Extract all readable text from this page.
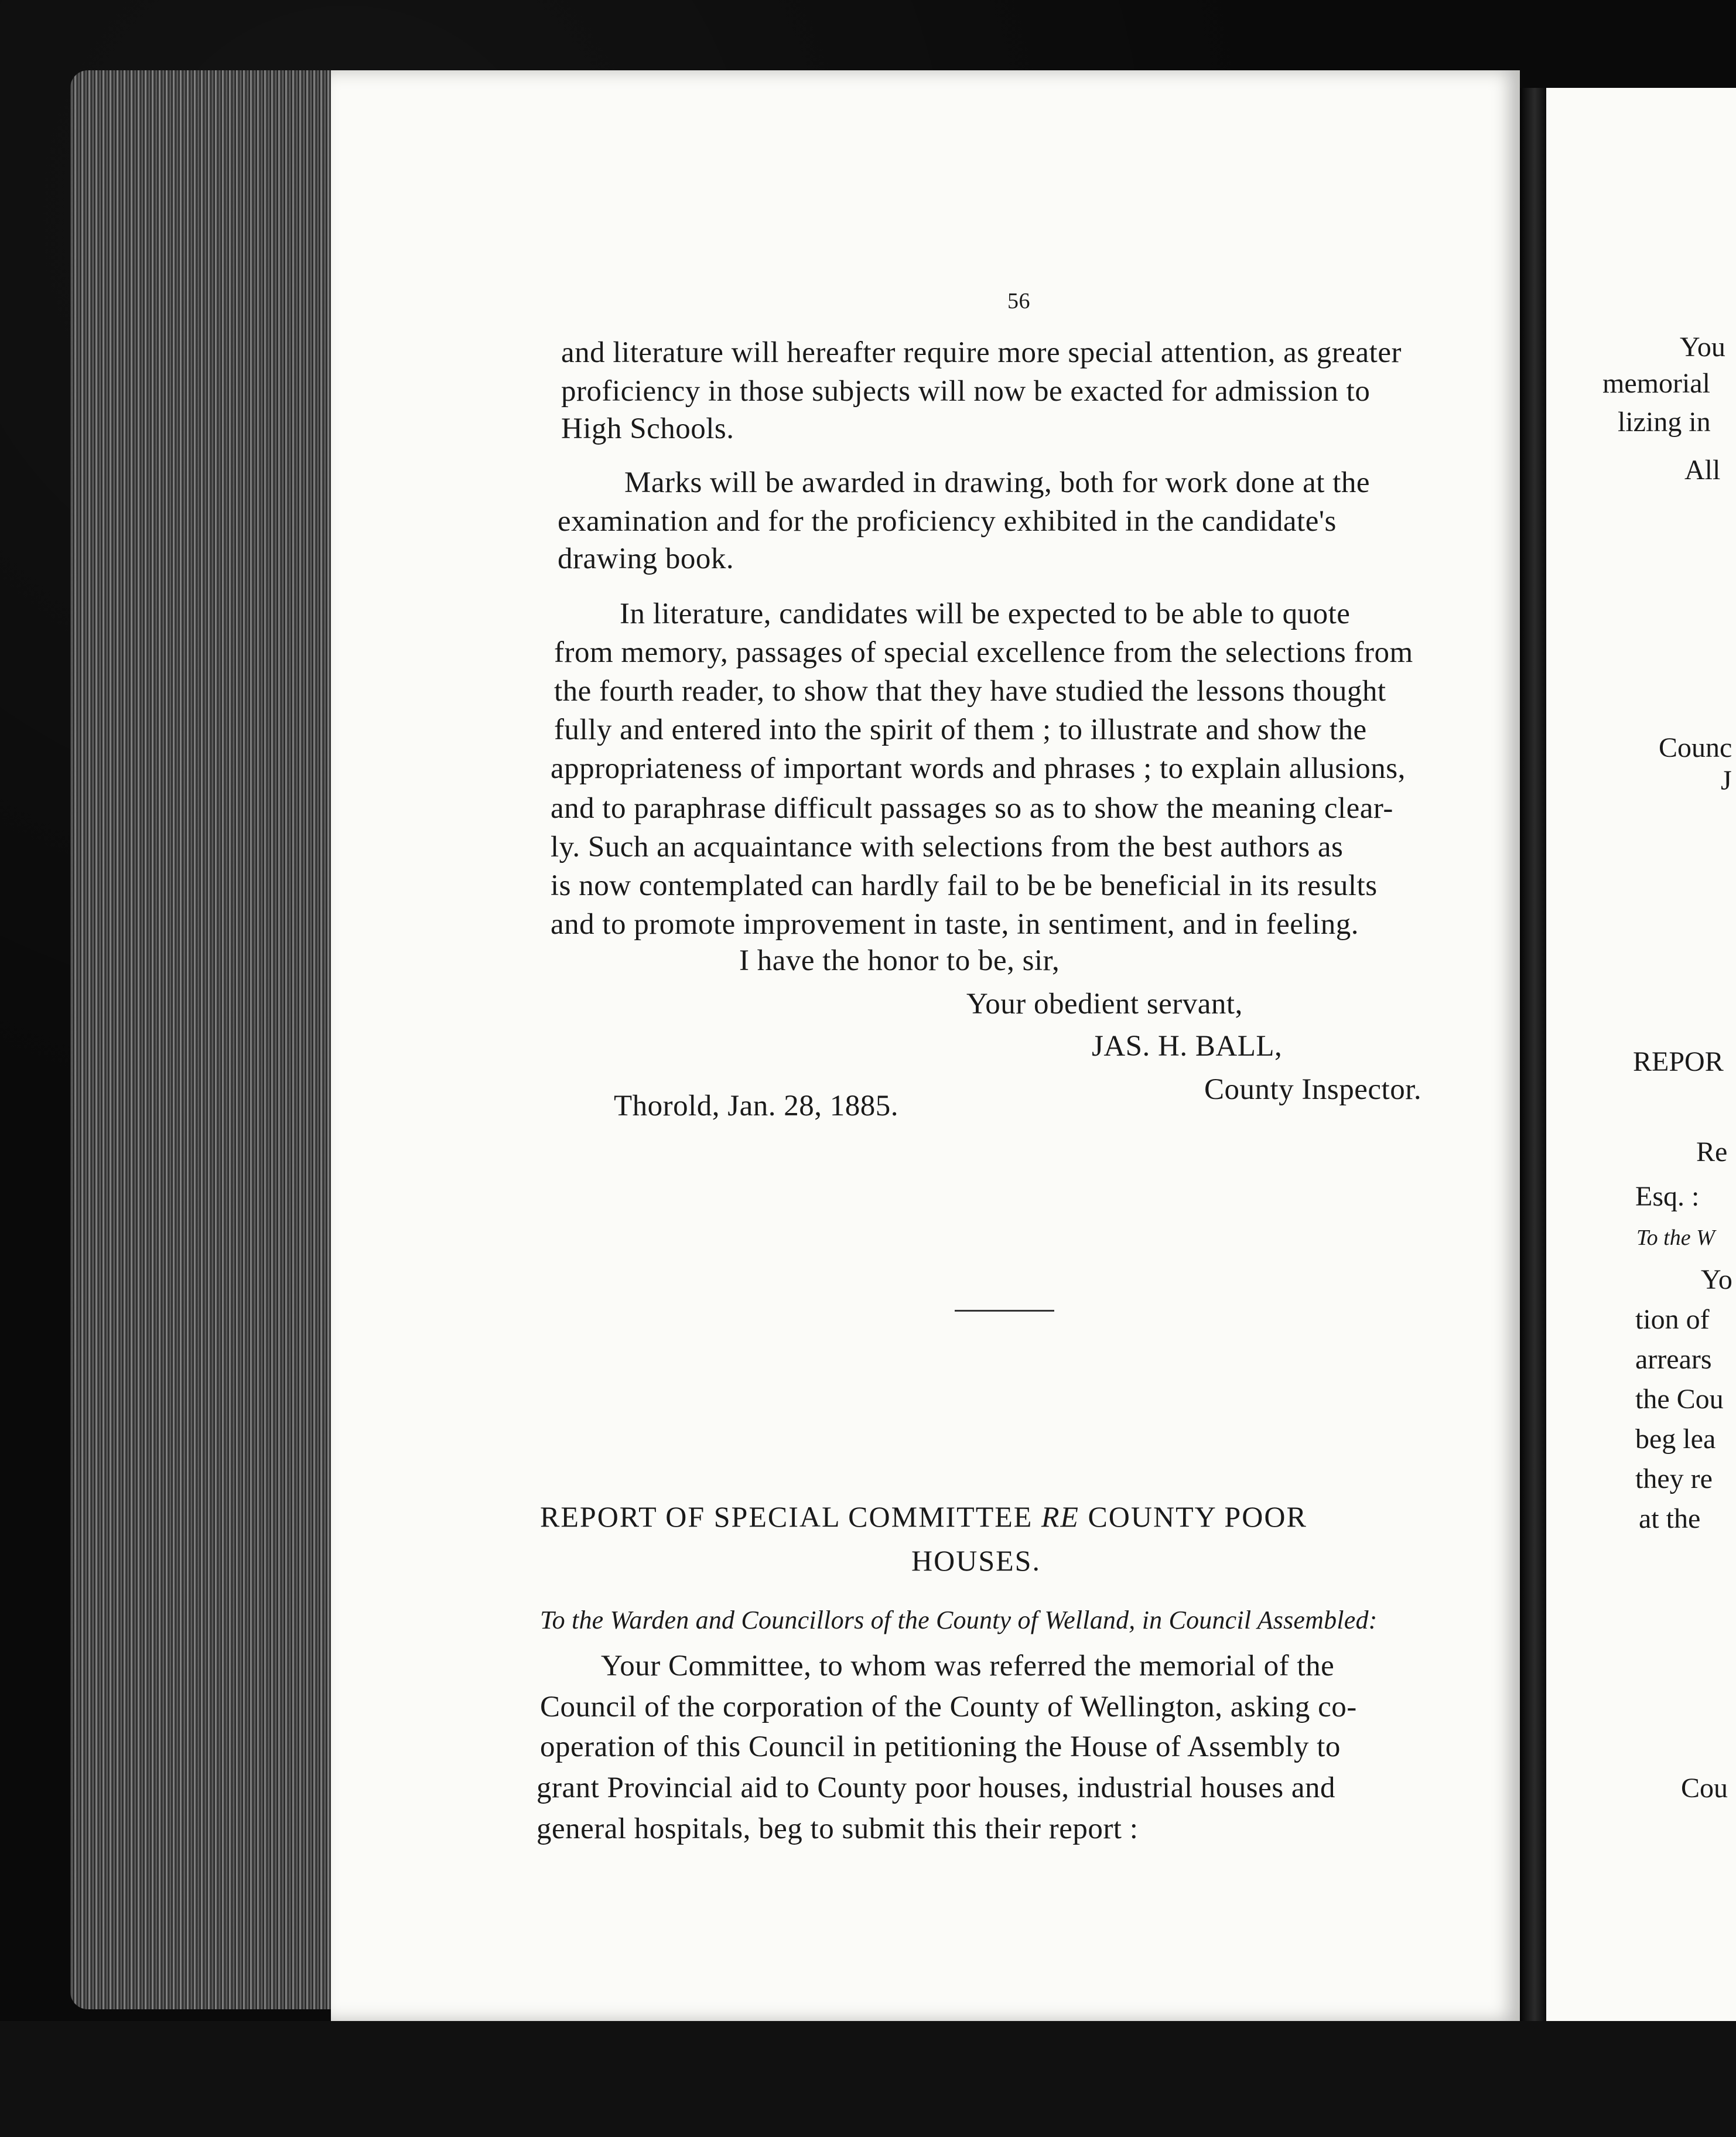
56
and literature will hereafter require more special attention, as greater
proficiency in those subjects will now be exacted for admission to
High Schools.
Marks will be awarded in drawing, both for work done at the
examination and for the proficiency exhibited in the candidate's
drawing book.
In literature, candidates will be expected to be able to quote
from memory, passages of special excellence from the selections from
the fourth reader, to show that they have studied the lessons thought
fully and entered into the spirit of them ; to illustrate and show the
appropriateness of important words and phrases ; to explain allusions,
and to paraphrase difficult passages so as to show the meaning clear-
ly. Such an acquaintance with selections from the best authors as
is now contemplated can hardly fail to be be beneficial in its results
and to promote improvement in taste, in sentiment, and in feeling.
I have the honor to be, sir,
Your obedient servant,
JAS. H. BALL,
County Inspector.
Thorold, Jan. 28, 1885.
REPORT OF SPECIAL COMMITTEE RE COUNTY POOR
HOUSES.
To the Warden and Councillors of the County of Welland, in Council Assembled:
Your Committee, to whom was referred the memorial of the
Council of the corporation of the County of Wellington, asking co-
operation of this Council in petitioning the House of Assembly to
grant Provincial aid to County poor houses, industrial houses and
general hospitals, beg to submit this their report :
You
memorial
lizing in
All
Counc
J
REPOR
Re
Esq. :
To the W
Yo
tion of
arrears
the Cou
beg lea
they re
at the
Cou
